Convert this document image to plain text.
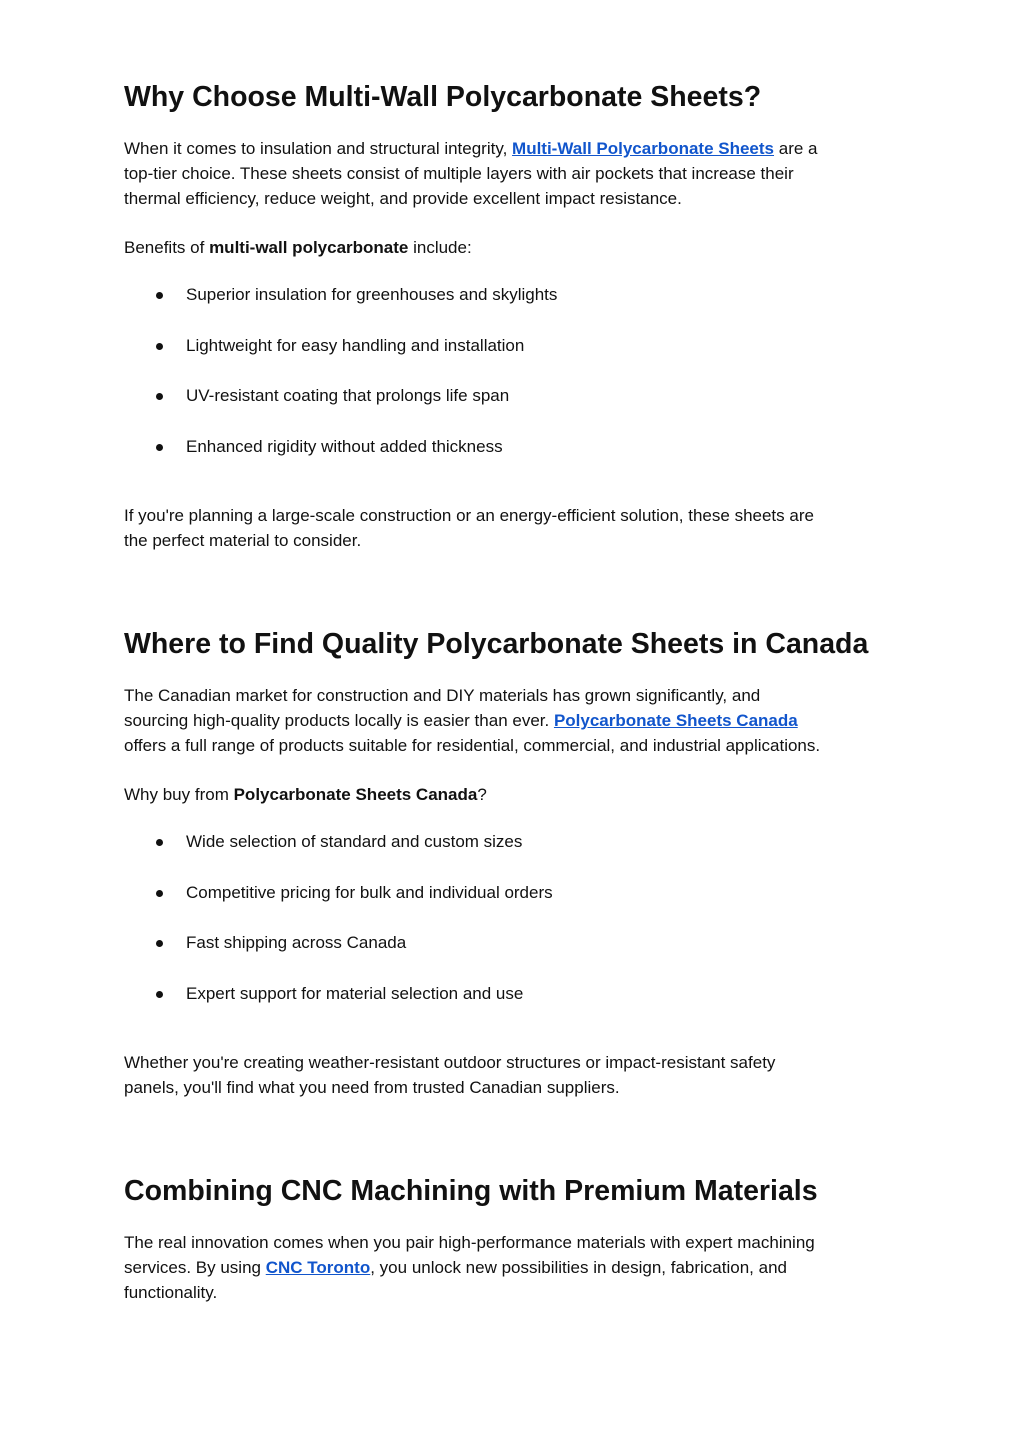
Why Choose Multi-Wall Polycarbonate Sheets?

When it comes to insulation and structural integrity, Multi-Wall Polycarbonate Sheets are a
top-tier choice. These sheets consist of multiple layers with air pockets that increase their
thermal efficiency, reduce weight, and provide excellent impact resistance.

Benefits of multi-wall polycarbonate include:

Superior insulation for greenhouses and skylights
Lightweight for easy handling and installation
UV-resistant coating that prolongs life span
Enhanced rigidity without added thickness

If you're planning a large-scale construction or an energy-efficient solution, these sheets are
the perfect material to consider.

Where to Find Quality Polycarbonate Sheets in Canada

The Canadian market for construction and DIY materials has grown significantly, and
sourcing high-quality products locally is easier than ever. Polycarbonate Sheets Canada
offers a full range of products suitable for residential, commercial, and industrial applications.

Why buy from Polycarbonate Sheets Canada?

Wide selection of standard and custom sizes
Competitive pricing for bulk and individual orders
Fast shipping across Canada
Expert support for material selection and use

Whether you're creating weather-resistant outdoor structures or impact-resistant safety
panels, you'll find what you need from trusted Canadian suppliers.

Combining CNC Machining with Premium Materials

The real innovation comes when you pair high-performance materials with expert machining
services. By using CNC Toronto, you unlock new possibilities in design, fabrication, and
functionality.
